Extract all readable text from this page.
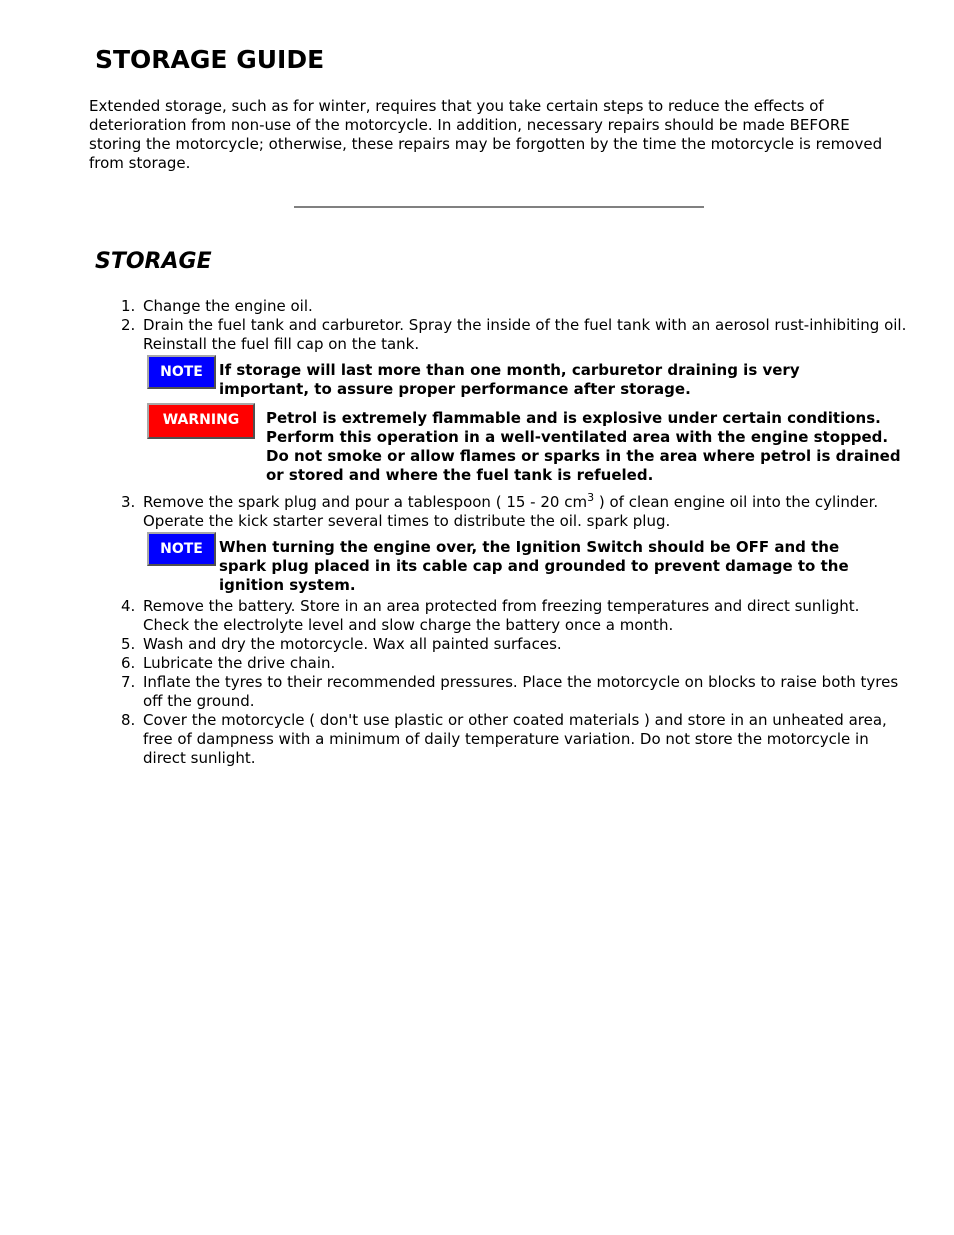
STORAGE GUIDE

Extended storage, such as for winter, requires that you take certain steps to reduce the effects of deterioration from non-use of the motorcycle. In addition, necessary repairs should be made BEFORE storing the motorcycle; otherwise, these repairs may be forgotten by the time the motorcycle is removed from storage.

STORAGE
1. Change the engine oil.
2. Drain the fuel tank and carburetor. Spray the inside of the fuel tank with an aerosol rust-inhibiting oil. Reinstall the fuel fill cap on the tank.
NOTE	If storage will last more than one month, carburetor draining is very important, to assure proper performance after storage.

WARNING	Petrol is extremely flammable and is explosive under certain conditions. Perform this operation in a well-ventilated area with the engine stopped. Do not smoke or allow flames or sparks in the area where petrol is drained or stored and where the fuel tank is refueled.

3. Remove the spark plug and pour a tablespoon ( 15 - 20 $cm^3$ ) of clean engine oil into the cylinder. Operate the kick starter several times to distribute the oil. spark plug.
NOTE	When turning the engine over, the Ignition Switch should be OFF and the spark plug placed in its cable cap and grounded to prevent damage to the ignition system.

4. Remove the battery. Store in an area protected from freezing temperatures and direct sunlight. Check the electrolyte level and slow charge the battery once a month.
5. Wash and dry the motorcycle. Wax all painted surfaces.
6. Lubricate the drive chain.
7. Inflate the tyres to their recommended pressures. Place the motorcycle on blocks to raise both tyres off the ground.
8. Cover the motorcycle ( don't use plastic or other coated materials ) and store in an unheated area, free of dampness with a minimum of daily temperature variation. Do not store the motorcycle in direct sunlight.
